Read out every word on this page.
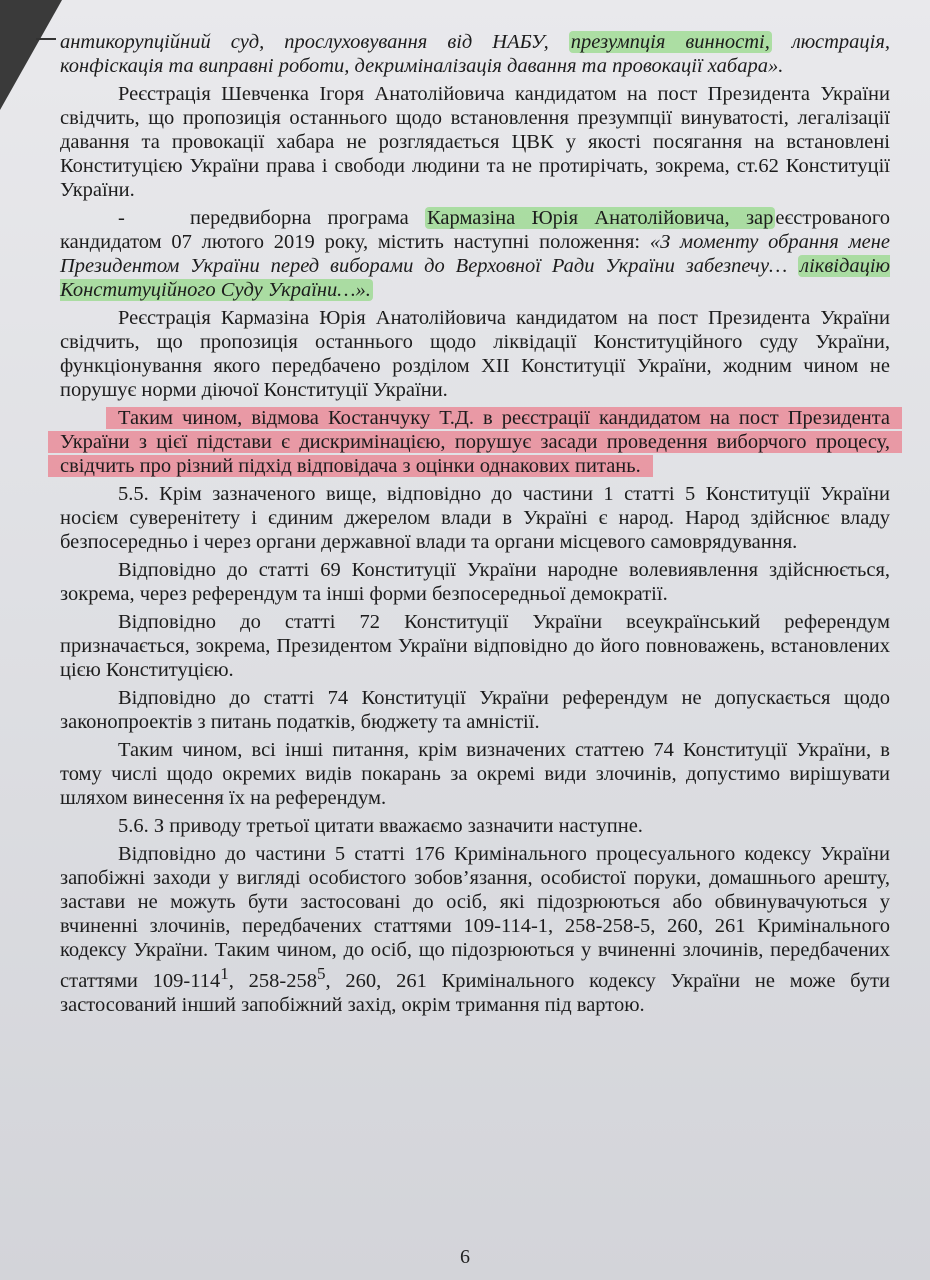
антикорупційний суд, прослуховування від НАБУ, презумпція винності, люстрація, конфіскація та виправні роботи, декриміналізація давання та провокації хабара».

Реєстрація Шевченка Ігоря Анатолійовича кандидатом на пост Президента України свідчить, що пропозиція останнього щодо встановлення презумпції винуватості, легалізації давання та провокації хабара не розглядається ЦВК у якості посягання на встановлені Конституцією України права і свободи людини та не протирічать, зокрема, ст.62 Конституції України.

-	передвиборна програма Кармазіна Юрія Анатолійовича, зареєстрованого кандидатом 07 лютого 2019 року, містить наступні положення: «З моменту обрання мене Президентом України перед виборами до Верховної Ради України забезпечу… ліквідацію Конституційного Суду України…».

Реєстрація Кармазіна Юрія Анатолійовича кандидатом на пост Президента України свідчить, що пропозиція останнього щодо ліквідації Конституційного суду України, функціонування якого передбачено розділом XII Конституції України, жодним чином не порушує норми діючої Конституції України.

Таким чином, відмова Костанчуку Т.Д. в реєстрації кандидатом на пост Президента України з цієї підстави є дискримінацією, порушує засади проведення виборчого процесу, свідчить про різний підхід відповідача з оцінки однакових питань.

5.5. Крім зазначеного вище, відповідно до частини 1 статті 5 Конституції України носієм суверенітету і єдиним джерелом влади в Україні є народ. Народ здійснює владу безпосередньо і через органи державної влади та органи місцевого самоврядування.

Відповідно до статті 69 Конституції України народне волевиявлення здійснюється, зокрема, через референдум та інші форми безпосередньої демократії.

Відповідно до статті 72 Конституції України всеукраїнський референдум призначається, зокрема, Президентом України відповідно до його повноважень, встановлених цією Конституцією.

Відповідно до статті 74 Конституції України референдум не допускається щодо законопроектів з питань податків, бюджету та амністії.

Таким чином, всі інші питання, крім визначених статтею 74 Конституції України, в тому числі щодо окремих видів покарань за окремі види злочинів, допустимо вирішувати шляхом винесення їх на референдум.

5.6. З приводу третьої цитати вважаємо зазначити наступне.

Відповідно до частини 5 статті 176 Кримінального процесуального кодексу України запобіжні заходи у вигляді особистого зобов’язання, особистої поруки, домашнього арешту, застави не можуть бути застосовані до осіб, які підозрюються або обвинувачуються у вчиненні злочинів, передбачених статтями 109-114-1, 258-258-5, 260, 261 Кримінального кодексу України. Таким чином, до осіб, що підозрюються у вчиненні злочинів, передбачених статтями $109-114^1$, $258-258^5$, 260, 261 Кримінального кодексу України не може бути застосований інший запобіжний захід, окрім тримання під вартою.

6
